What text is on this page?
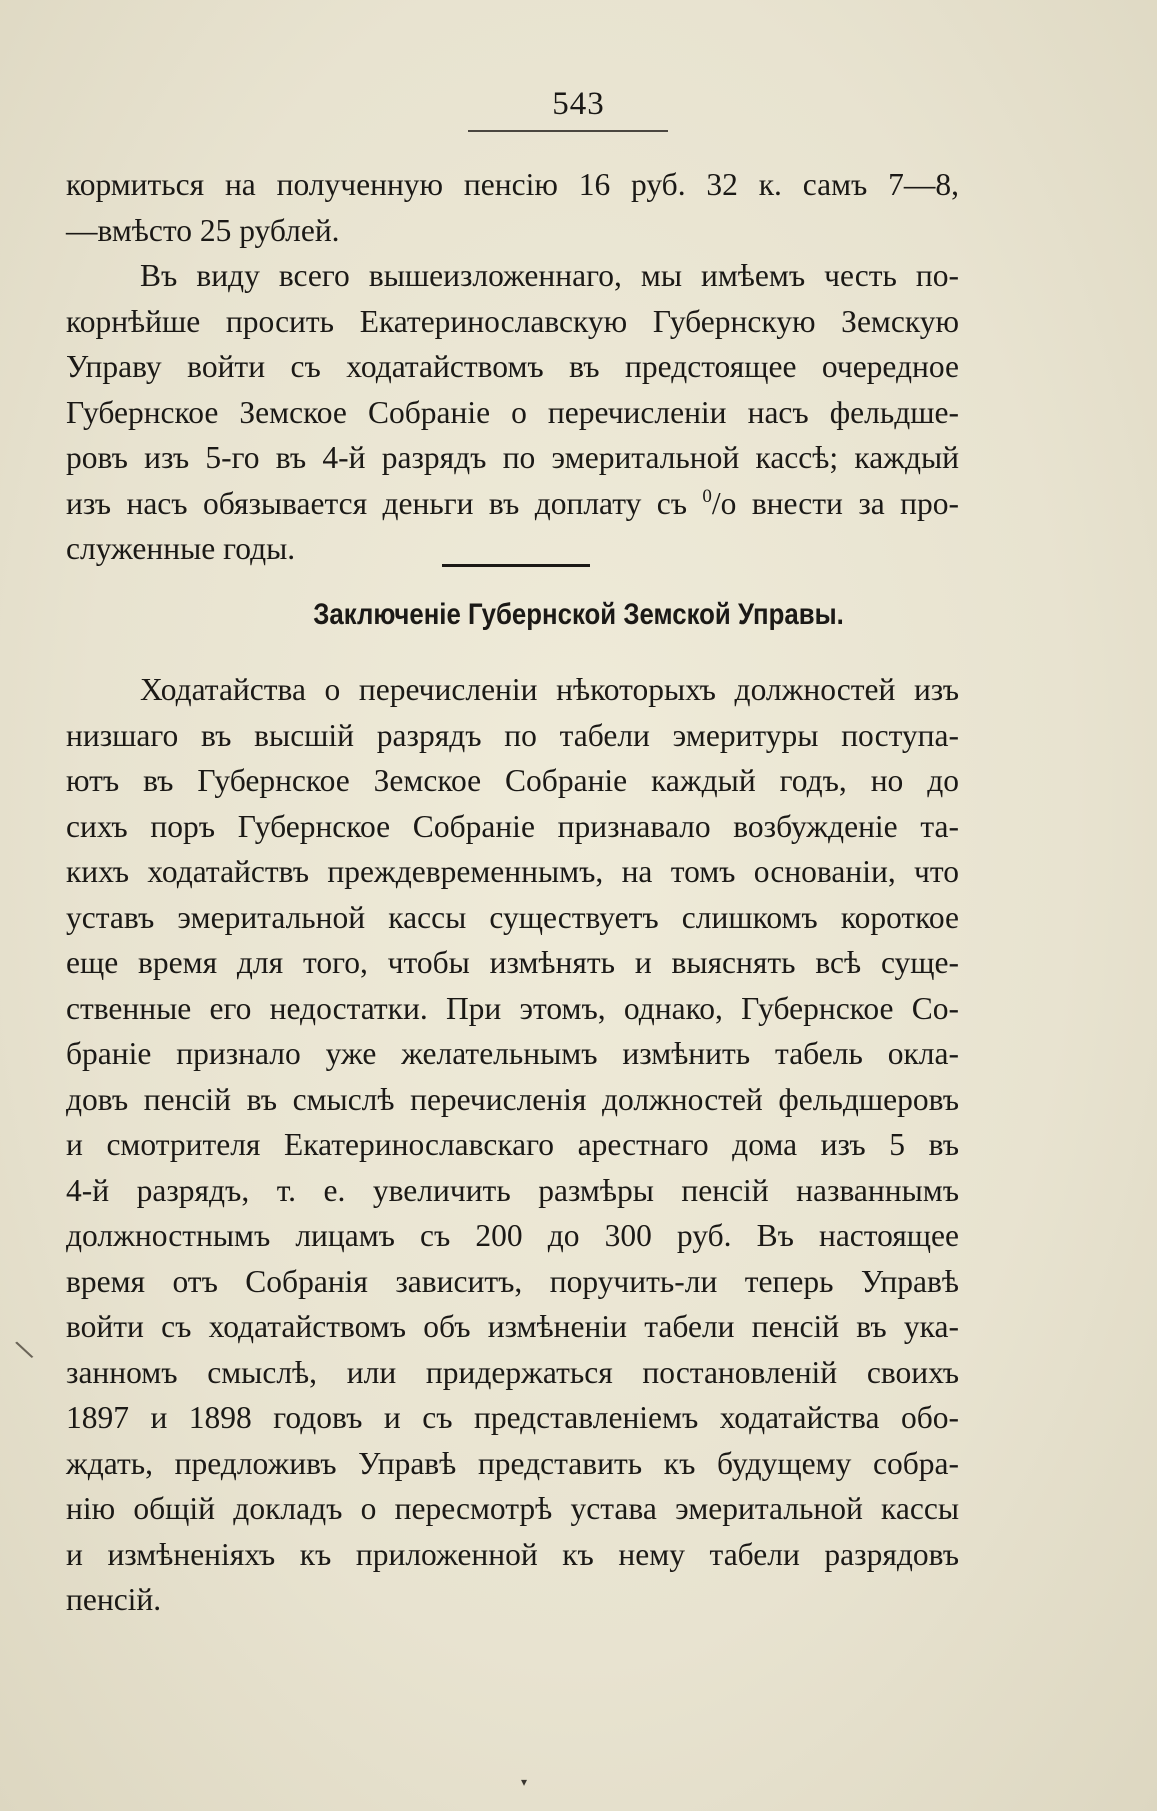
543
кормиться на полученную пенсію 16 руб. 32 к. самъ 7—8,
—вмѣсто 25 рублей.
Въ виду всего вышеизложеннаго, мы имѣемъ честь по-
корнѣйше просить Екатеринославскую Губернскую Земскую
Управу войти съ ходатайствомъ въ предстоящее очередное
Губернское Земское Собраніе о перечисленіи насъ фельдше-
ровъ изъ 5-го въ 4-й разрядъ по эмеритальной кассѣ; каждый
изъ насъ обязывается деньги въ доплату съ $^0$/о внести за про-
служенные годы.
Заключеніе Губернской Земской Управы.
Ходатайства о перечисленіи нѣкоторыхъ должностей изъ
низшаго въ высшій разрядъ по табели эмеритуры поступа-
ютъ въ Губернское Земское Собраніе каждый годъ, но до
сихъ поръ Губернское Собраніе признавало возбужденіе та-
кихъ ходатайствъ преждевременнымъ, на томъ основаніи, что
уставъ эмеритальной кассы существуетъ слишкомъ короткое
еще время для того, чтобы измѣнять и выяснять всѣ суще-
ственные его недостатки. При этомъ, однако, Губернское Со-
браніе признало уже желательнымъ измѣнить табель окла-
довъ пенсій въ смыслѣ перечисленія должностей фельдшеровъ
и смотрителя Екатеринославскаго арестнаго дома изъ 5 въ
4-й разрядъ, т. е. увеличить размѣры пенсій названнымъ
должностнымъ лицамъ съ 200 до 300 руб. Въ настоящее
время отъ Собранія зависитъ, поручить-ли теперь Управѣ
войти съ ходатайствомъ объ измѣненіи табели пенсій въ ука-
занномъ смыслѣ, или придержаться постановленій своихъ
1897 и 1898 годовъ и съ представленіемъ ходатайства обо-
ждать, предложивъ Управѣ представить къ будущему собра-
нію общій докладъ о пересмотрѣ устава эмеритальной кассы
и измѣненіяхъ къ приложенной къ нему табели разрядовъ
пенсій.
\
▾
